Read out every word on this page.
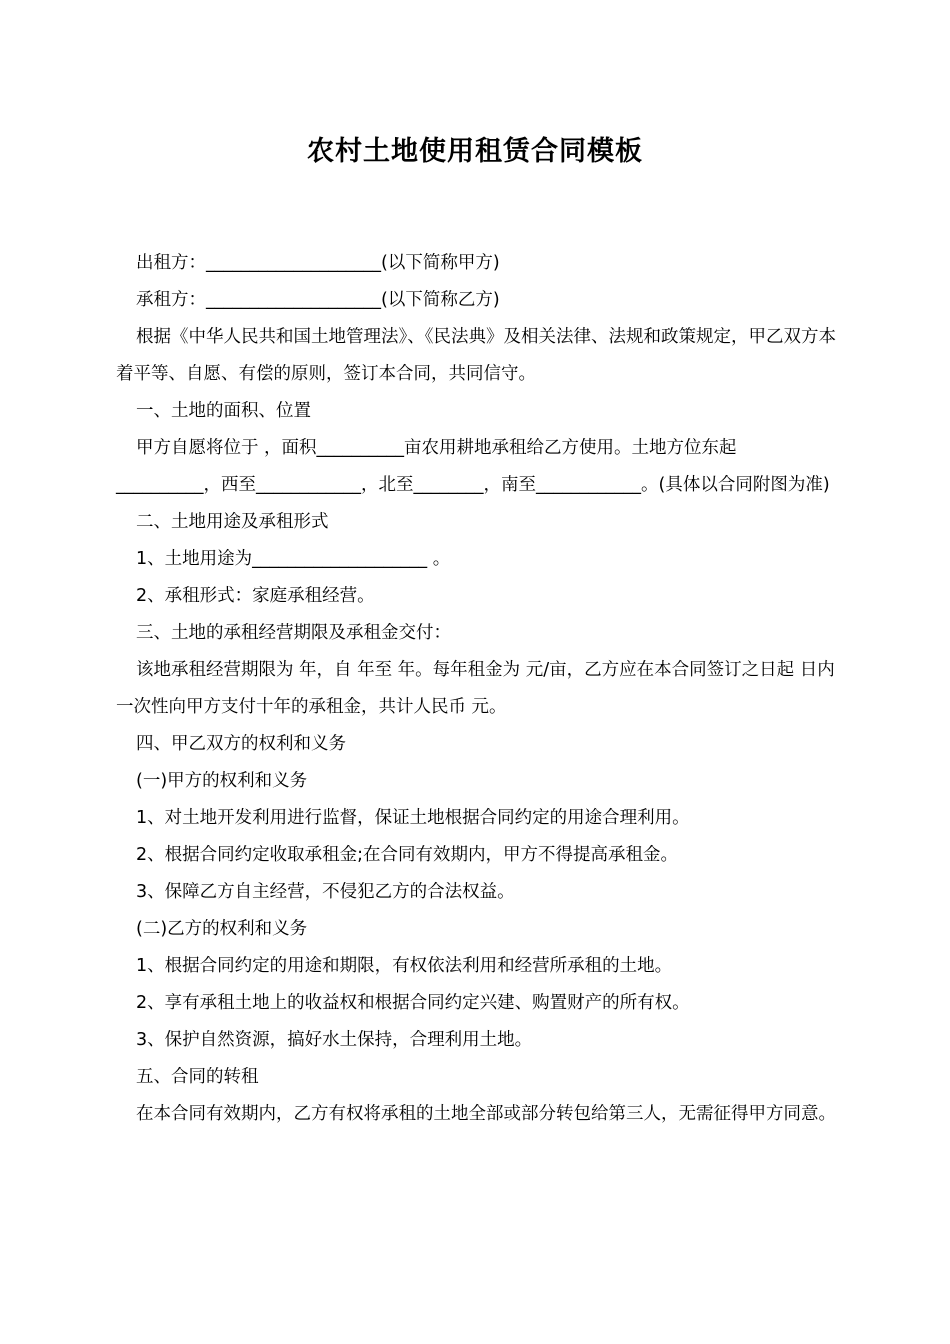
农村土地使用租赁合同模板

出租方：____________________(以下简称甲方)

承租方：____________________(以下简称乙方)

根据《中华人民共和国土地管理法》、《民法典》及相关法律、法规和政策规定，甲乙双方本着平等、自愿、有偿的原则，签订本合同，共同信守。

一、土地的面积、位置

甲方自愿将位于 ，面积__________亩农用耕地承租给乙方使用。土地方位东起__________，西至____________，北至________，南至____________。(具体以合同附图为准)

二、土地用途及承租形式

1、土地用途为____________________ 。

2、承租形式：家庭承租经营。

三、土地的承租经营期限及承租金交付：

该地承租经营期限为 年，自 年至 年。每年租金为 元/亩，乙方应在本合同签订之日起 日内一次性向甲方支付十年的承租金，共计人民币 元。

四、甲乙双方的权利和义务

(一)甲方的权利和义务

1、对土地开发利用进行监督，保证土地根据合同约定的用途合理利用。

2、根据合同约定收取承租金;在合同有效期内，甲方不得提高承租金。

3、保障乙方自主经营，不侵犯乙方的合法权益。

(二)乙方的权利和义务

1、根据合同约定的用途和期限，有权依法利用和经营所承租的土地。

2、享有承租土地上的收益权和根据合同约定兴建、购置财产的所有权。

3、保护自然资源，搞好水土保持，合理利用土地。

五、合同的转租

在本合同有效期内，乙方有权将承租的土地全部或部分转包给第三人，无需征得甲方同意。
